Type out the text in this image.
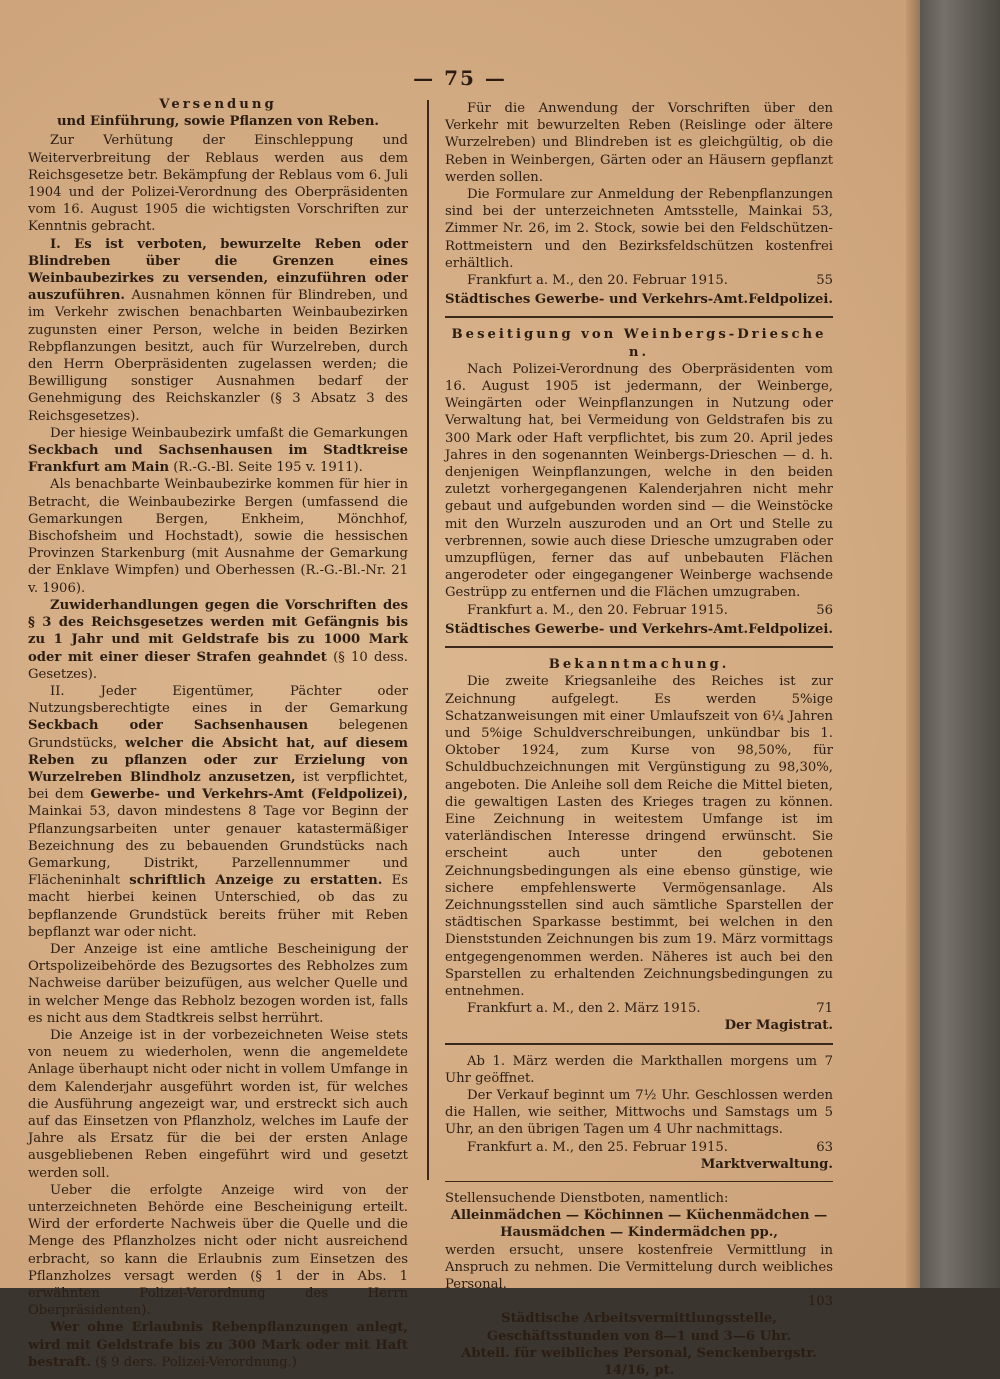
— 75 —
Versendung
und Einführung, sowie Pflanzen von Reben.

Zur Verhütung der Einschleppung und Weiterverbreitung der Reblaus werden aus dem Reichsgesetze betr. Bekämpfung der Reblaus vom 6. Juli 1904 und der Polizei-Verordnung des Oberpräsidenten vom 16. August 1905 die wichtigsten Vorschriften zur Kenntnis gebracht.

I. Es ist verboten, bewurzelte Reben oder Blindreben über die Grenzen eines Weinbaubezirkes zu versenden, einzuführen oder auszuführen. Ausnahmen können für Blindreben, und im Verkehr zwischen benachbarten Weinbaubezirken zugunsten einer Person, welche in beiden Bezirken Rebpflanzungen besitzt, auch für Wurzelreben, durch den Herrn Oberpräsidenten zugelassen werden; die Bewilligung sonstiger Ausnahmen bedarf der Genehmigung des Reichskanzler (§ 3 Absatz 3 des Reichsgesetzes).

Der hiesige Weinbaubezirk umfaßt die Gemarkungen Seckbach und Sachsenhausen im Stadtkreise Frankfurt am Main (R.-G.-Bl. Seite 195 v. 1911).

Als benachbarte Weinbaubezirke kommen für hier in Betracht, die Weinbaubezirke Bergen (umfassend die Gemarkungen Bergen, Enkheim, Mönchhof, Bischofsheim und Hochstadt), sowie die hessischen Provinzen Starkenburg (mit Ausnahme der Gemarkung der Enklave Wimpfen) und Oberhessen (R.-G.-Bl.-Nr. 21 v. 1906).

Zuwiderhandlungen gegen die Vorschriften des § 3 des Reichsgesetzes werden mit Gefängnis bis zu 1 Jahr und mit Geldstrafe bis zu 1000 Mark oder mit einer dieser Strafen geahndet (§ 10 dess. Gesetzes).

II. Jeder Eigentümer, Pächter oder Nutzungsberechtigte eines in der Gemarkung Seckbach oder Sachsenhausen belegenen Grundstücks, welcher die Absicht hat, auf diesem Reben zu pflanzen oder zur Erzielung von Wurzelreben Blindholz anzusetzen, ist verpflichtet, bei dem Gewerbe- und Verkehrs-Amt (Feldpolizei), Mainkai 53, davon mindestens 8 Tage vor Beginn der Pflanzungsarbeiten unter genauer katastermäßiger Bezeichnung des zu bebauenden Grundstücks nach Gemarkung, Distrikt, Parzellennummer und Flächeninhalt schriftlich Anzeige zu erstatten. Es macht hierbei keinen Unterschied, ob das zu bepflanzende Grundstück bereits früher mit Reben bepflanzt war oder nicht.

Der Anzeige ist eine amtliche Bescheinigung der Ortspolizeibehörde des Bezugsortes des Rebholzes zum Nachweise darüber beizufügen, aus welcher Quelle und in welcher Menge das Rebholz bezogen worden ist, falls es nicht aus dem Stadtkreis selbst herrührt.

Die Anzeige ist in der vorbezeichneten Weise stets von neuem zu wiederholen, wenn die angemeldete Anlage überhaupt nicht oder nicht in vollem Umfange in dem Kalenderjahr ausgeführt worden ist, für welches die Ausführung angezeigt war, und erstreckt sich auch auf das Einsetzen von Pflanzholz, welches im Laufe der Jahre als Ersatz für die bei der ersten Anlage ausgebliebenen Reben eingeführt wird und gesetzt werden soll.

Ueber die erfolgte Anzeige wird von der unterzeichneten Behörde eine Bescheinigung erteilt. Wird der erforderte Nachweis über die Quelle und die Menge des Pflanzholzes nicht oder nicht ausreichend erbracht, so kann die Erlaubnis zum Einsetzen des Pflanzholzes versagt werden (§ 1 der in Abs. 1 erwähnten Polizei-Verordnung des Herrn Oberpräsidenten).

Wer ohne Erlaubnis Rebenpflanzungen anlegt, wird mit Geldstrafe bis zu 300 Mark oder mit Haft bestraft. (§ 9 ders. Polizei-Verordnung.)

Für die Anwendung der Vorschriften über den Verkehr mit bewurzelten Reben (Reislinge oder ältere Wurzelreben) und Blindreben ist es gleichgültig, ob die Reben in Weinbergen, Gärten oder an Häusern gepflanzt werden sollen.

Die Formulare zur Anmeldung der Rebenpflanzungen sind bei der unterzeichneten Amtsstelle, Mainkai 53, Zimmer Nr. 26, im 2. Stock, sowie bei den Feldschützen-Rottmeistern und den Bezirksfeldschützen kostenfrei erhältlich.

Frankfurt a. M., den 20. Februar 1915.	55
Städtisches Gewerbe- und Verkehrs-Amt. Feldpolizei.
Beseitigung von Weinbergs-Driesche n.

Nach Polizei-Verordnung des Oberpräsidenten vom 16. August 1905 ist jedermann, der Weinberge, Weingärten oder Weinpflanzungen in Nutzung oder Verwaltung hat, bei Vermeidung von Geldstrafen bis zu 300 Mark oder Haft verpflichtet, bis zum 20. April jedes Jahres in den sogenannten Weinbergs-Drieschen — d. h. denjenigen Weinpflanzungen, welche in den beiden zuletzt vorhergegangenen Kalenderjahren nicht mehr gebaut und aufgebunden worden sind — die Weinstöcke mit den Wurzeln auszuroden und an Ort und Stelle zu verbrennen, sowie auch diese Driesche umzugraben oder umzupflügen, ferner das auf unbebauten Flächen angerodeter oder eingegangener Weinberge wachsende Gestrüpp zu entfernen und die Flächen umzugraben.

Frankfurt a. M., den 20. Februar 1915.	56
Städtisches Gewerbe- und Verkehrs-Amt. Feldpolizei.
Bekanntmachung.

Die zweite Kriegsanleihe des Reiches ist zur Zeichnung aufgelegt. Es werden 5%ige Schatzanweisungen mit einer Umlaufszeit von 6¼ Jahren und 5%ige Schuldverschreibungen, unkündbar bis 1. Oktober 1924, zum Kurse von 98,50%, für Schuldbuchzeichnungen mit Vergünstigung zu 98,30%, angeboten. Die Anleihe soll dem Reiche die Mittel bieten, die gewaltigen Lasten des Krieges tragen zu können. Eine Zeichnung in weitestem Umfange ist im vaterländischen Interesse dringend erwünscht. Sie erscheint auch unter den gebotenen Zeichnungsbedingungen als eine ebenso günstige, wie sichere empfehlenswerte Vermögensanlage. Als Zeichnungsstellen sind auch sämtliche Sparstellen der städtischen Sparkasse bestimmt, bei welchen in den Dienststunden Zeichnungen bis zum 19. März vormittags entgegengenommen werden. Näheres ist auch bei den Sparstellen zu erhaltenden Zeichnungsbedingungen zu entnehmen.

Frankfurt a. M., den 2. März 1915.	71
Der Magistrat.

Ab 1. März werden die Markthallen morgens um 7 Uhr geöffnet.

Der Verkauf beginnt um 7½ Uhr. Geschlossen werden die Hallen, wie seither, Mittwochs und Samstags um 5 Uhr, an den übrigen Tagen um 4 Uhr nachmittags.

Frankfurt a. M., den 25. Februar 1915.	63
Marktverwaltung.
Stellensuchende Dienstboten, namentlich:
Alleinmädchen — Köchinnen — Küchenmädchen —
Hausmädchen — Kindermädchen pp.,
werden ersucht, unsere kostenfreie Vermittlung in Anspruch zu nehmen. Die Vermittelung durch weibliches Personal.
103
Städtische Arbeitsvermittlungsstelle,
Geschäftsstunden von 8—1 und 3—6 Uhr.
Abteil. für weibliches Personal, Senckenbergstr. 14/16, pt.
